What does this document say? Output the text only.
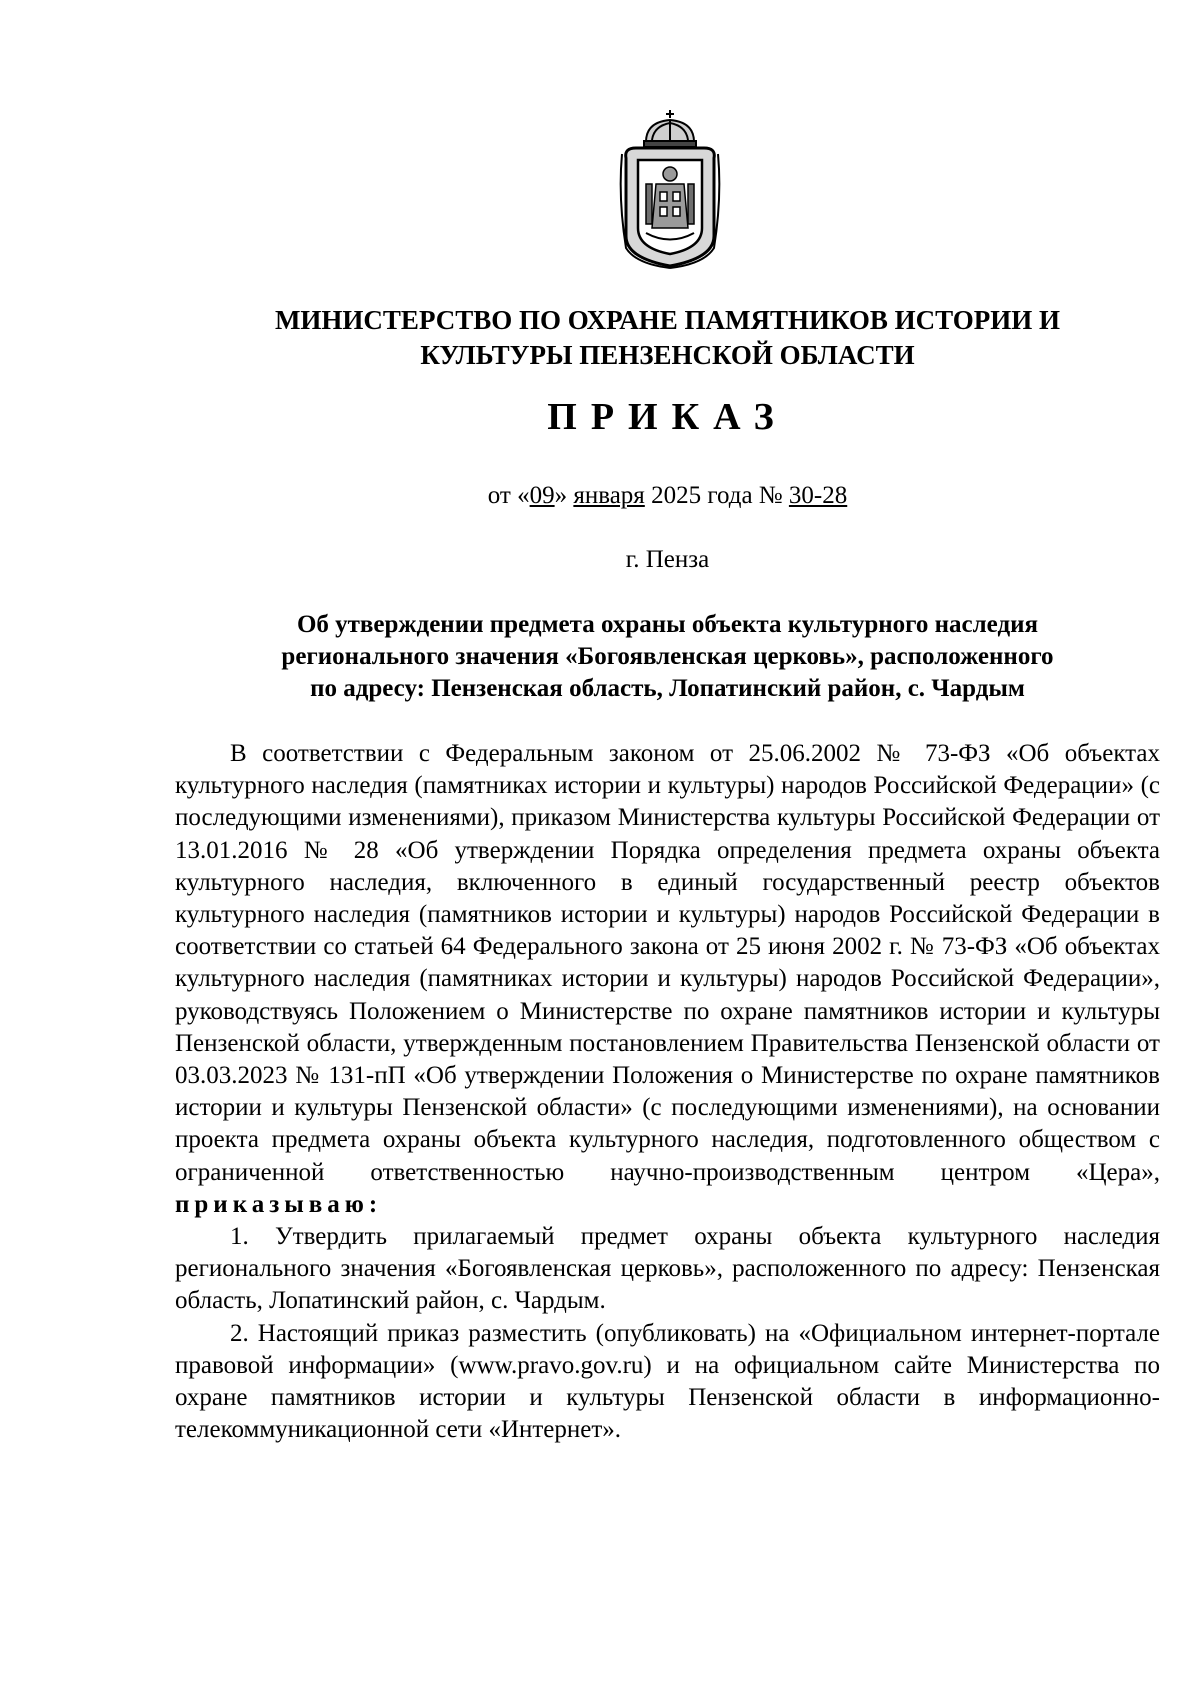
МИНИСТЕРСТВО ПО ОХРАНЕ ПАМЯТНИКОВ ИСТОРИИ И
КУЛЬТУРЫ ПЕНЗЕНСКОЙ ОБЛАСТИ
ПРИКАЗ
от «09» января 2025 года № 30-28
г. Пенза
Об утверждении предмета охраны объекта культурного наследия
регионального значения «Богоявленская церковь», расположенного
по адресу: Пензенская область, Лопатинский район, с. Чардым

В соответствии с Федеральным законом от 25.06.2002 № 73-ФЗ «Об объектах культурного наследия (памятниках истории и культуры) народов Российской Федерации» (с последующими изменениями), приказом Министерства культуры Российской Федерации от 13.01.2016 № 28 «Об утверждении Порядка определения предмета охраны объекта культурного наследия, включенного в единый государственный реестр объектов культурного наследия (памятников истории и культуры) народов Российской Федерации в соответствии со статьей 64 Федерального закона от 25 июня 2002 г. № 73-ФЗ «Об объектах культурного наследия (памятниках истории и культуры) народов Российской Федерации», руководствуясь Положением о Министерстве по охране памятников истории и культуры Пензенской области, утвержденным постановлением Правительства Пензенской области от 03.03.2023 № 131-пП «Об утверждении Положения о Министерстве по охране памятников истории и культуры Пензенской области» (с последующими изменениями), на основании проекта предмета охраны объекта культурного наследия, подготовленного обществом с ограниченной ответственностью научно-производственным центром «Цера», приказываю:

1. Утвердить прилагаемый предмет охраны объекта культурного наследия регионального значения «Богоявленская церковь», расположенного по адресу: Пензенская область, Лопатинский район, с. Чардым.

2. Настоящий приказ разместить (опубликовать) на «Официальном интернет-портале правовой информации» (www.pravo.gov.ru) и на официальном сайте Министерства по охране памятников истории и культуры Пензенской области в информационно-телекоммуникационной сети «Интернет».
